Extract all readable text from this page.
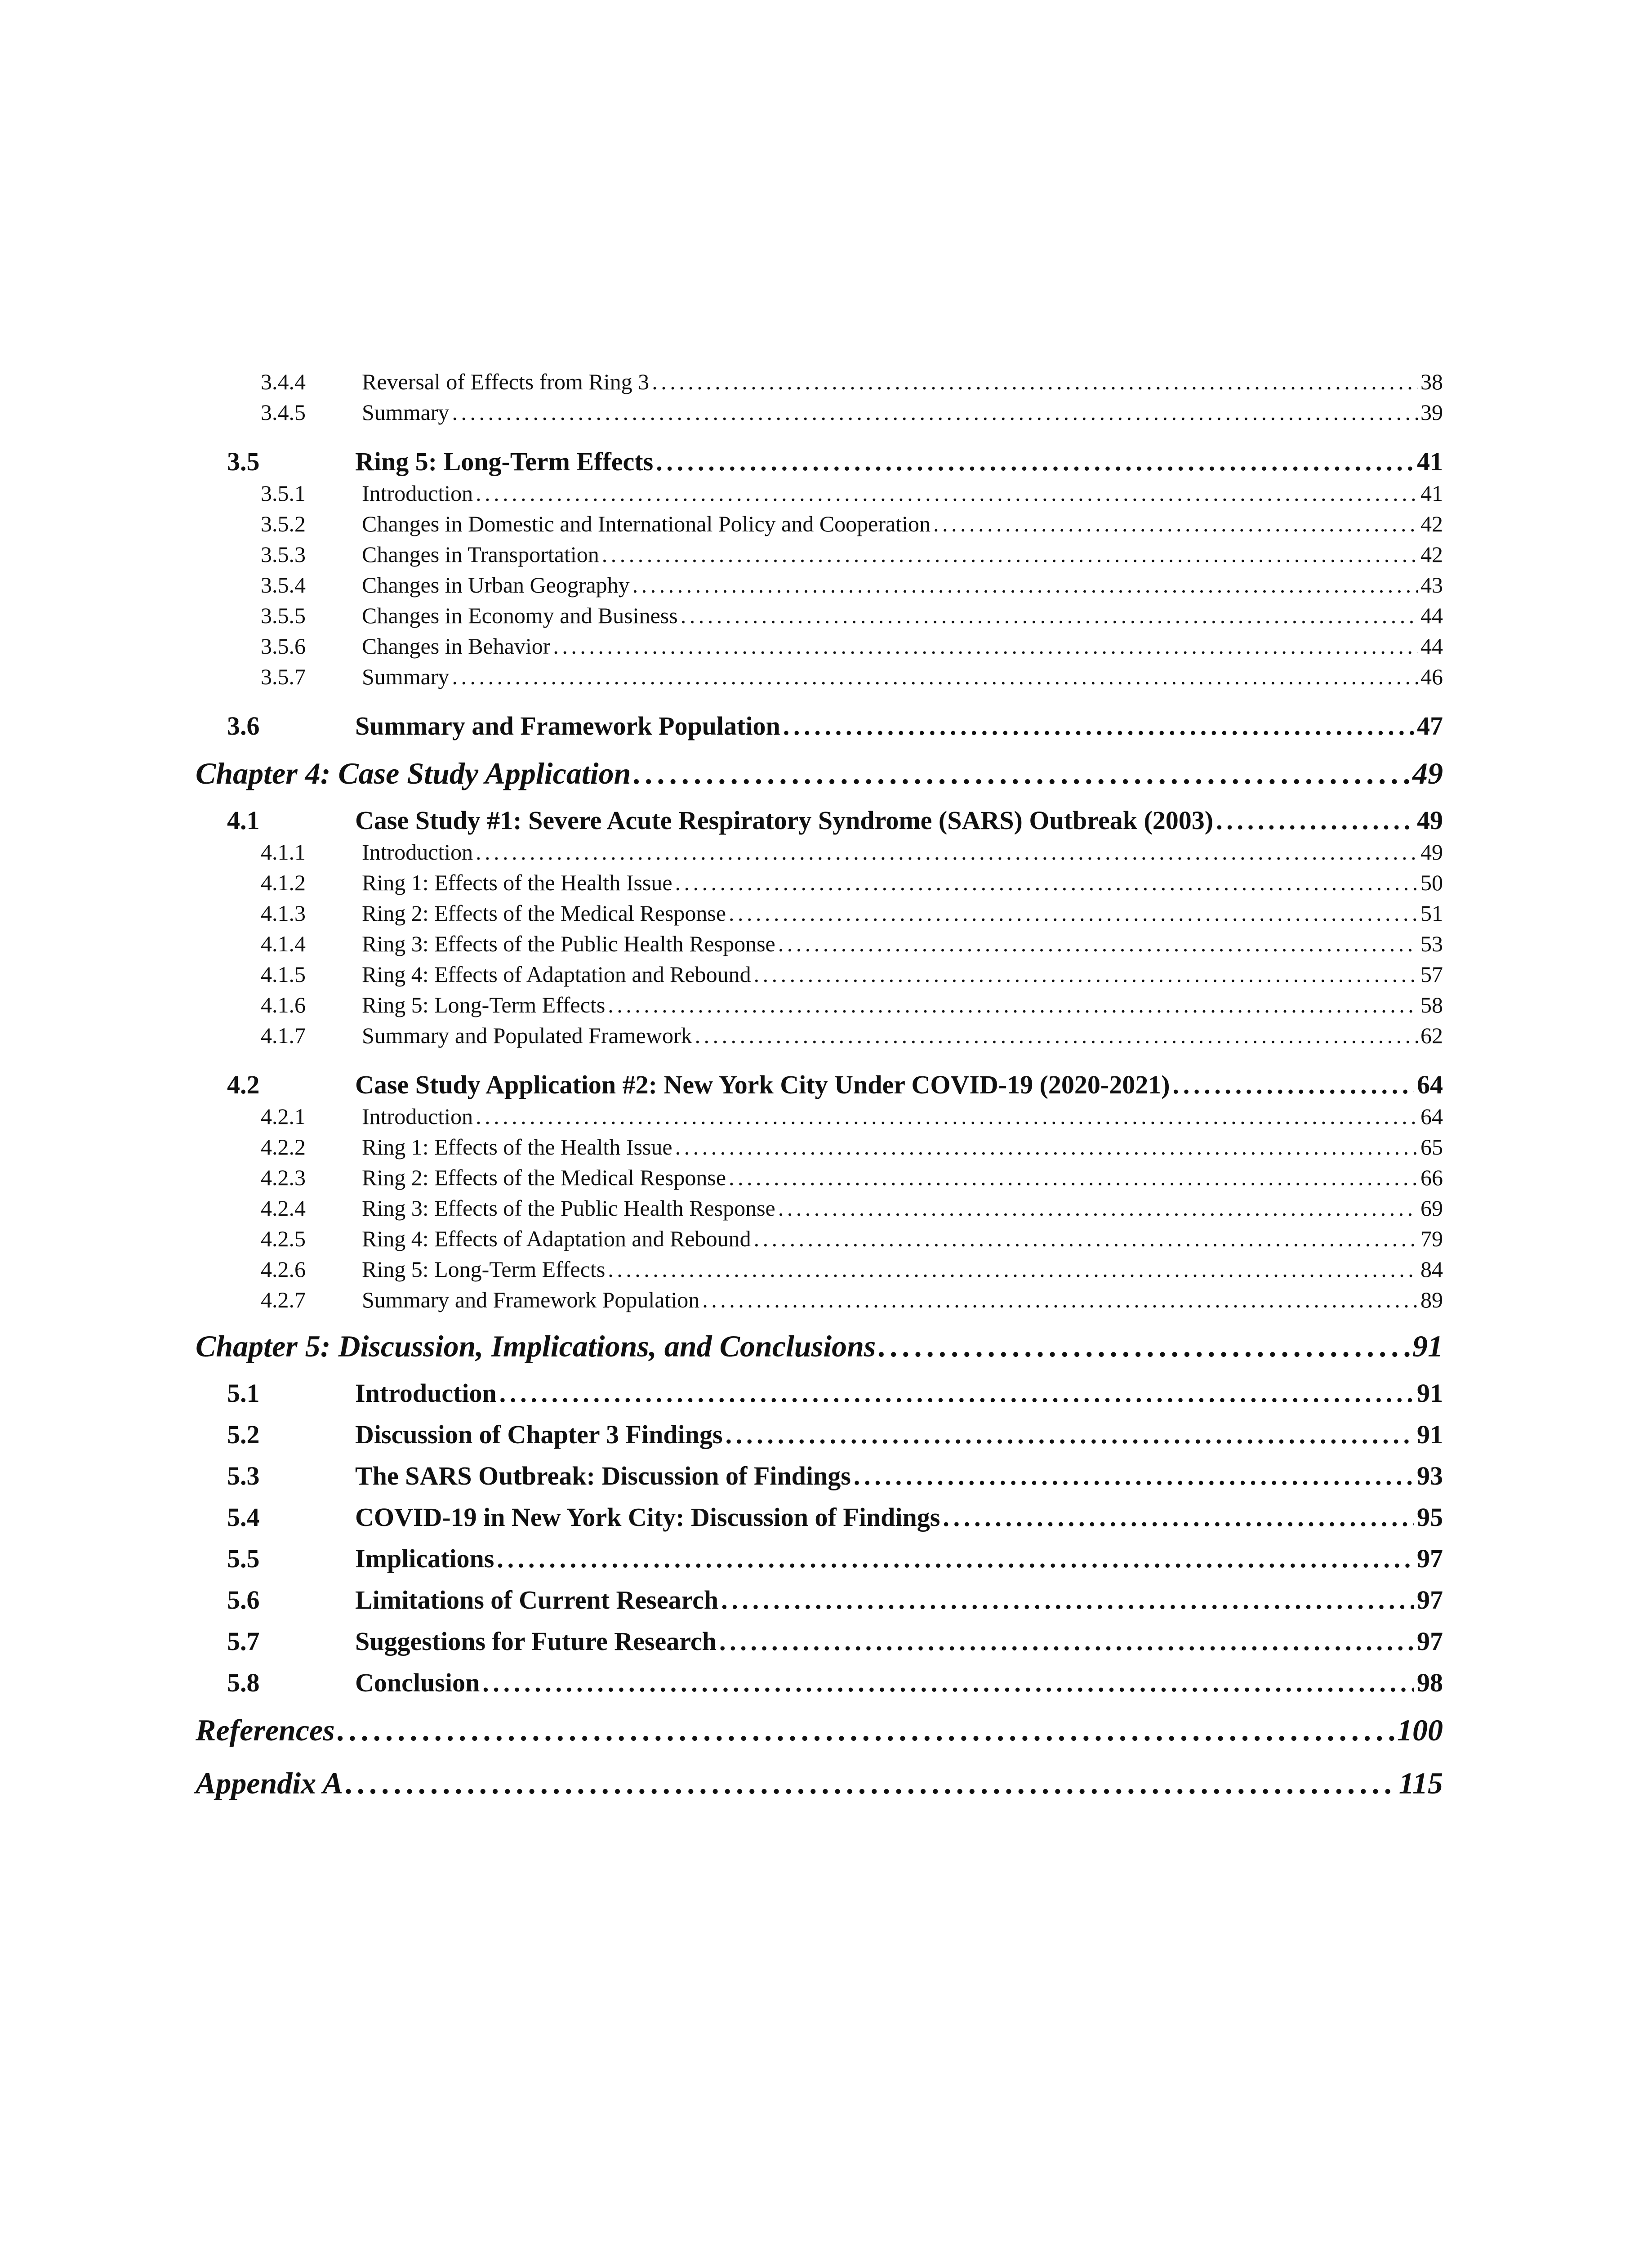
3.4.4	Reversal of Effects from Ring 3 . . .	38
3.4.5	Summary . . .	39
3.5	Ring 5: Long-Term Effects . . .	41
3.5.1	Introduction . . .	41
3.5.2	Changes in Domestic and International Policy and Cooperation . . .	42
3.5.3	Changes in Transportation . . .	42
3.5.4	Changes in Urban Geography . . .	43
3.5.5	Changes in Economy and Business . . .	44
3.5.6	Changes in Behavior . . .	44
3.5.7	Summary . . .	46
3.6	Summary and Framework Population . . .	47
Chapter 4: Case Study Application . . .	49
4.1	Case Study #1: Severe Acute Respiratory Syndrome (SARS) Outbreak (2003) . . .	49
4.1.1	Introduction . . .	49
4.1.2	Ring 1: Effects of the Health Issue . . .	50
4.1.3	Ring 2: Effects of the Medical Response . . .	51
4.1.4	Ring 3: Effects of the Public Health Response . . .	53
4.1.5	Ring 4: Effects of Adaptation and Rebound . . .	57
4.1.6	Ring 5: Long-Term Effects . . .	58
4.1.7	Summary and Populated Framework . . .	62
4.2	Case Study Application #2: New York City Under COVID-19 (2020-2021) . . .	64
4.2.1	Introduction . . .	64
4.2.2	Ring 1: Effects of the Health Issue . . .	65
4.2.3	Ring 2: Effects of the Medical Response . . .	66
4.2.4	Ring 3: Effects of the Public Health Response . . .	69
4.2.5	Ring 4: Effects of Adaptation and Rebound . . .	79
4.2.6	Ring 5: Long-Term Effects . . .	84
4.2.7	Summary and Framework Population . . .	89
Chapter 5: Discussion, Implications, and Conclusions . . .	91
5.1	Introduction . . .	91
5.2	Discussion of Chapter 3 Findings . . .	91
5.3	The SARS Outbreak: Discussion of Findings . . .	93
5.4	COVID-19 in New York City: Discussion of Findings . . .	95
5.5	Implications . . .	97
5.6	Limitations of Current Research . . .	97
5.7	Suggestions for Future Research . . .	97
5.8	Conclusion . . .	98
References . . .	100
Appendix A . . .	115
